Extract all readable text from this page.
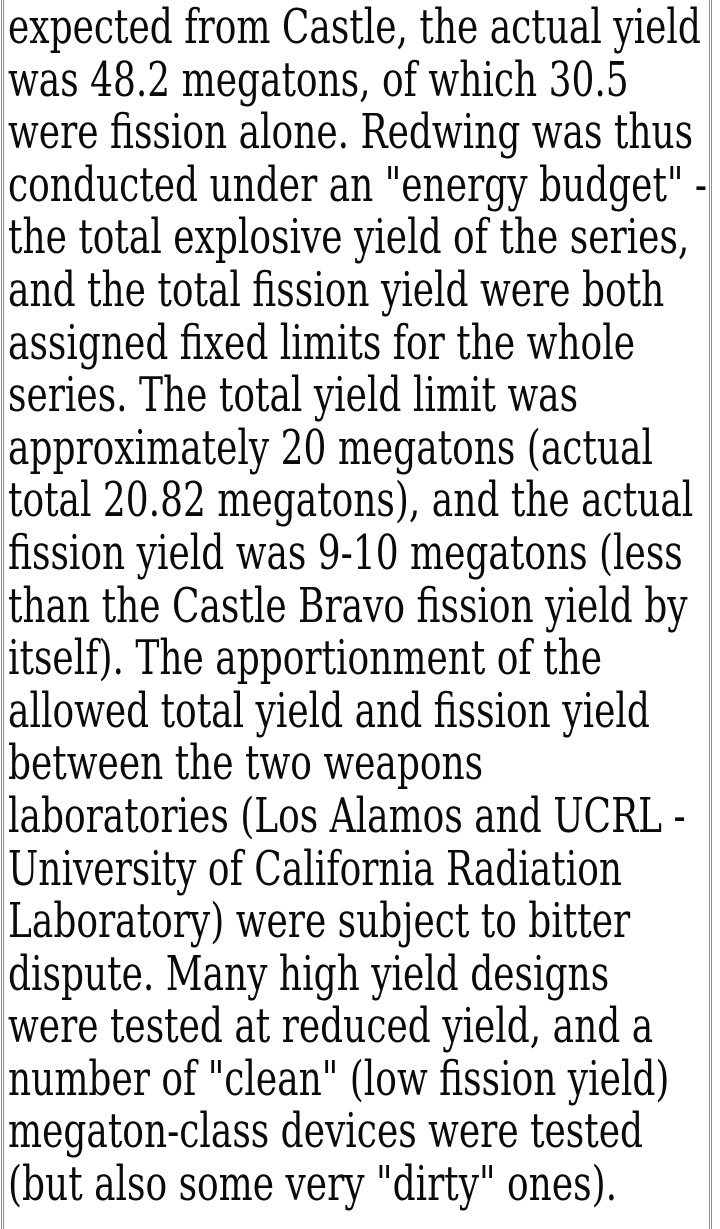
expected from Castle, the actual yield
was 48.2 megatons, of which 30.5
were fission alone. Redwing was thus
conducted under an "energy budget" -
the total explosive yield of the series,
and the total fission yield were both
assigned fixed limits for the whole
series. The total yield limit was
approximately 20 megatons (actual
total 20.82 megatons), and the actual
fission yield was 9-10 megatons (less
than the Castle Bravo fission yield by
itself). The apportionment of the
allowed total yield and fission yield
between the two weapons
laboratories (Los Alamos and UCRL -
University of California Radiation
Laboratory) were subject to bitter
dispute. Many high yield designs
were tested at reduced yield, and a
number of "clean" (low fission yield)
megaton-class devices were tested
(but also some very "dirty" ones).
